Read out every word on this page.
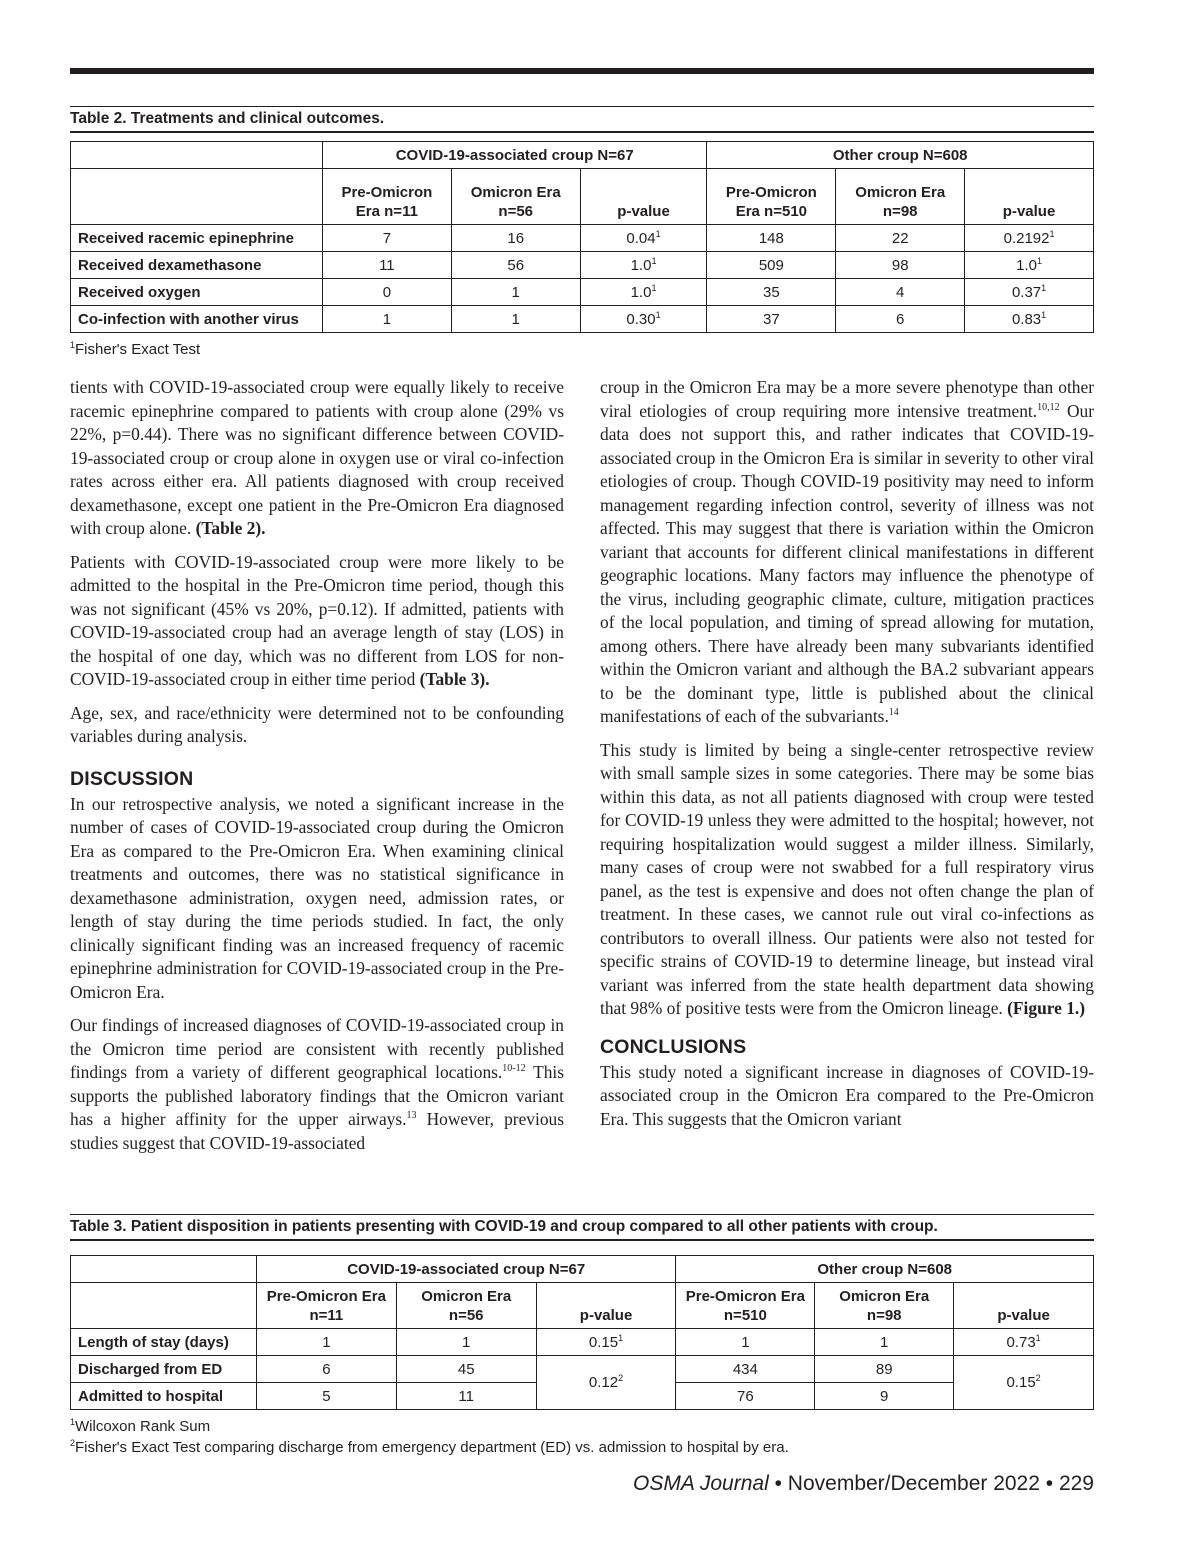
Table 2. Treatments and clinical outcomes.
	COVID-19-associated croup N=67			Other croup N=608		
	Pre-Omicron
Era n=11	Omicron Era
n=56	p-value	Pre-Omicron
Era n=510	Omicron Era
n=98	p-value
Received racemic epinephrine	7	16	0.04$^1$	148	22	0.2192$^1$
Received dexamethasone	11	56	$1.0^1$	509	98	$1.0^1$
Received oxygen	0	1	$1.0^1$	35	4	0.37$^1$
Co-infection with another virus	1	1	0.30$^1$	37	6	0.83$^1$
$^1$Fisher's Exact Test

tients with COVID-19-associated croup were equally likely to receive racemic epinephrine compared to patients with croup alone (29% vs 22%, p=0.44). There was no significant difference between COVID-19-associated croup or croup alone in oxygen use or viral co-infection rates across either era. All patients diagnosed with croup received dexamethasone, except one patient in the Pre-Omicron Era diagnosed with croup alone. (Table 2).

Patients with COVID-19-associated croup were more likely to be admitted to the hospital in the Pre-Omicron time period, though this was not significant (45% vs 20%, p=0.12). If admitted, patients with COVID-19-associated croup had an average length of stay (LOS) in the hospital of one day, which was no different from LOS for non-COVID-19-associated croup in either time period (Table 3).

Age, sex, and race/ethnicity were determined not to be confounding variables during analysis.

DISCUSSION

In our retrospective analysis, we noted a significant increase in the number of cases of COVID-19-associated croup during the Omicron Era as compared to the Pre-Omicron Era. When examining clinical treatments and outcomes, there was no statistical significance in dexamethasone administration, oxygen need, admission rates, or length of stay during the time periods studied. In fact, the only clinically significant finding was an increased frequency of racemic epinephrine administration for COVID-19-associated croup in the Pre-Omicron Era.

Our findings of increased diagnoses of COVID-19-associated croup in the Omicron time period are consistent with recently published findings from a variety of different geographical locations.$^{10-12}$ This supports the published laboratory findings that the Omicron variant has a higher affinity for the upper airways.$^{13}$ However, previous studies suggest that COVID-19-associated

croup in the Omicron Era may be a more severe phenotype than other viral etiologies of croup requiring more intensive treatment.$^{10,12}$ Our data does not support this, and rather indicates that COVID-19-associated croup in the Omicron Era is similar in severity to other viral etiologies of croup. Though COVID-19 positivity may need to inform management regarding infection control, severity of illness was not affected. This may suggest that there is variation within the Omicron variant that accounts for different clinical manifestations in different geographic locations. Many factors may influence the phenotype of the virus, including geographic climate, culture, mitigation practices of the local population, and timing of spread allowing for mutation, among others. There have already been many subvariants identified within the Omicron variant and although the BA.2 subvariant appears to be the dominant type, little is published about the clinical manifestations of each of the subvariants.$^{14}$

This study is limited by being a single-center retrospective review with small sample sizes in some categories. There may be some bias within this data, as not all patients diagnosed with croup were tested for COVID-19 unless they were admitted to the hospital; however, not requiring hospitalization would suggest a milder illness. Similarly, many cases of croup were not swabbed for a full respiratory virus panel, as the test is expensive and does not often change the plan of treatment. In these cases, we cannot rule out viral co-infections as contributors to overall illness. Our patients were also not tested for specific strains of COVID-19 to determine lineage, but instead viral variant was inferred from the state health department data showing that 98% of positive tests were from the Omicron lineage. (Figure 1.)

CONCLUSIONS

This study noted a significant increase in diagnoses of COVID-19-associated croup in the Omicron Era compared to the Pre-Omicron Era. This suggests that the Omicron variant

Table 3. Patient disposition in patients presenting with COVID-19 and croup compared to all other patients with croup.
	COVID-19-associated croup N=67			Other croup N=608		
	Pre-Omicron Era
n=11	Omicron Era
n=56	p-value	Pre-Omicron Era
n=510	Omicron Era
n=98	p-value
Length of stay (days)	1	1	0.15$^1$	1	1	0.73$^1$
Discharged from ED	6	45	0.12$^2$	434	89	0.15$^2$
Admitted to hospital	5	11		76	9	
$^1$Wilcoxon Rank Sum
$^2$Fisher's Exact Test comparing discharge from emergency department (ED) vs. admission to hospital by era.
OSMA Journal • November/December 2022 • 229
